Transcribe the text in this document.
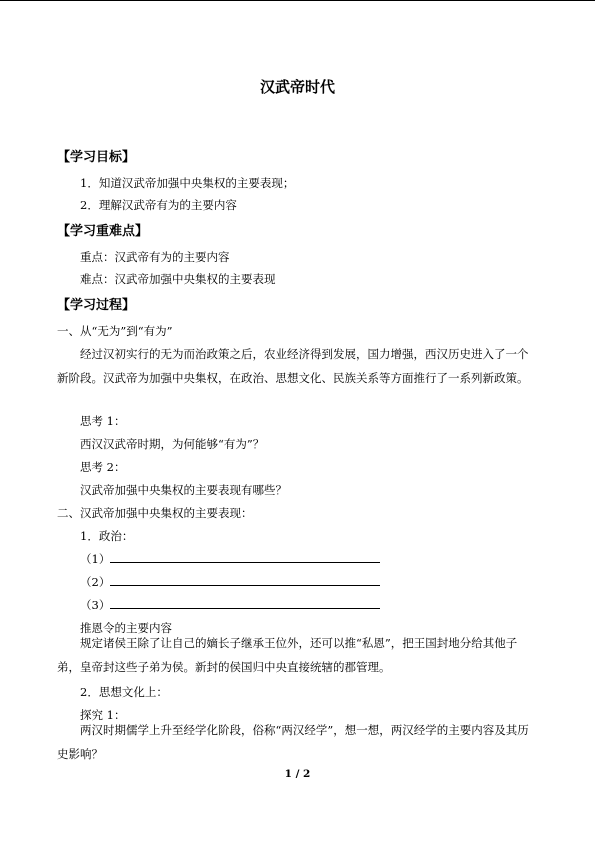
汉武帝时代
【学习目标】
1．知道汉武帝加强中央集权的主要表现；
2．理解汉武帝有为的主要内容
【学习重难点】
重点：汉武帝有为的主要内容
难点：汉武帝加强中央集权的主要表现
【学习过程】
一、从“无为”到“有为”
经过汉初实行的无为而治政策之后，农业经济得到发展，国力增强，西汉历史进入了一个新阶段。汉武帝为加强中央集权，在政治、思想文化、民族关系等方面推行了一系列新政策。
思考 1：
西汉汉武帝时期，为何能够“有为”？
思考 2：
汉武帝加强中央集权的主要表现有哪些？
二、汉武帝加强中央集权的主要表现：
1．政治：
（1）
（2）
（3）
推恩令的主要内容
规定诸侯王除了让自己的嫡长子继承王位外，还可以推“私恩”，把王国封地分给其他子弟，皇帝封这些子弟为侯。新封的侯国归中央直接统辖的郡管理。
2．思想文化上：
探究 1：
两汉时期儒学上升至经学化阶段，俗称“两汉经学”，想一想，两汉经学的主要内容及其历史影响？
1 / 2
